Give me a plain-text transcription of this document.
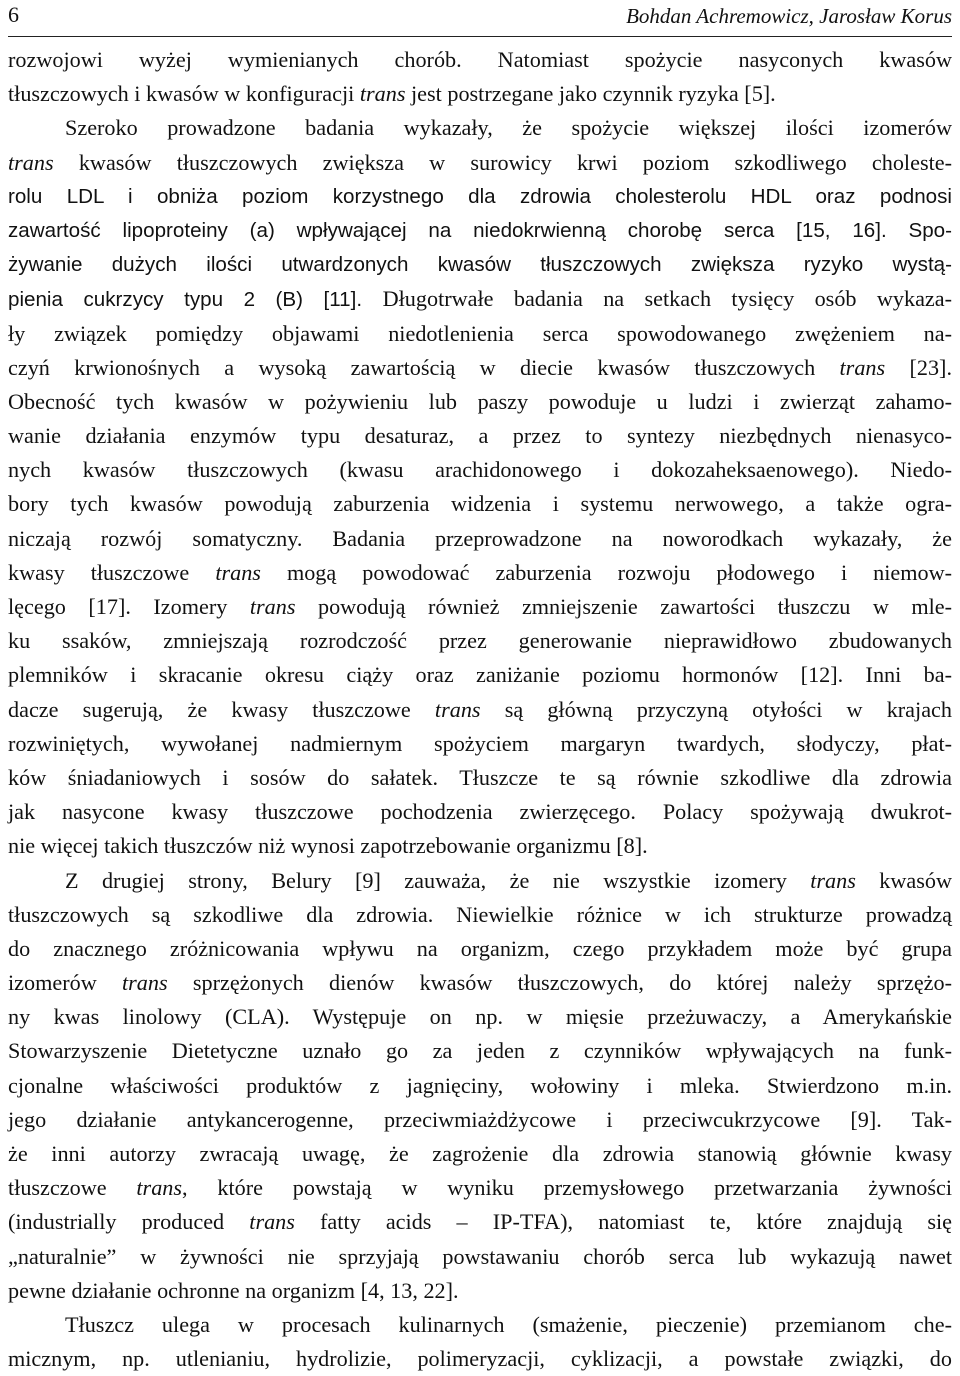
6	Bohdan Achremowicz, Jarosław Korus
rozwojowi wyżej wymienianych chorób. Natomiast spożycie nasyconych kwasów
tłuszczowych i kwasów w konfiguracji trans jest postrzegane jako czynnik ryzyka [5].
Szeroko prowadzone badania wykazały, że spożycie większej ilości izomerów
trans kwasów tłuszczowych zwiększa w surowicy krwi poziom szkodliwego choleste-
rolu LDL i obniża poziom korzystnego dla zdrowia cholesterolu HDL oraz podnosi
zawartość lipoproteiny (a) wpływającej na niedokrwienną chorobę serca [15, 16]. Spo-
żywanie dużych ilości utwardzonych kwasów tłuszczowych zwiększa ryzyko wystą-
pienia cukrzycy typu 2 (B) [11]. Długotrwałe badania na setkach tysięcy osób wykaza-
ły związek pomiędzy objawami niedotlenienia serca spowodowanego zwężeniem na-
czyń krwionośnych a wysoką zawartością w diecie kwasów tłuszczowych trans [23].
Obecność tych kwasów w pożywieniu lub paszy powoduje u ludzi i zwierząt zahamo-
wanie działania enzymów typu desaturaz, a przez to syntezy niezbędnych nienasyco-
nych kwasów tłuszczowych (kwasu arachidonowego i dokozaheksaenowego). Niedo-
bory tych kwasów powodują zaburzenia widzenia i systemu nerwowego, a także ogra-
niczają rozwój somatyczny. Badania przeprowadzone na noworodkach wykazały, że
kwasy tłuszczowe trans mogą powodować zaburzenia rozwoju płodowego i niemow-
lęcego [17]. Izomery trans powodują również zmniejszenie zawartości tłuszczu w mle-
ku ssaków, zmniejszają rozrodczość przez generowanie nieprawidłowo zbudowanych
plemników i skracanie okresu ciąży oraz zaniżanie poziomu hormonów [12]. Inni ba-
dacze sugerują, że kwasy tłuszczowe trans są główną przyczyną otyłości w krajach
rozwiniętych, wywołanej nadmiernym spożyciem margaryn twardych, słodyczy, płat-
ków śniadaniowych i sosów do sałatek. Tłuszcze te są równie szkodliwe dla zdrowia
jak nasycone kwasy tłuszczowe pochodzenia zwierzęcego. Polacy spożywają dwukrot-
nie więcej takich tłuszczów niż wynosi zapotrzebowanie organizmu [8].
Z drugiej strony, Belury [9] zauważa, że nie wszystkie izomery trans kwasów
tłuszczowych są szkodliwe dla zdrowia. Niewielkie różnice w ich strukturze prowadzą
do znacznego zróżnicowania wpływu na organizm, czego przykładem może być grupa
izomerów trans sprzężonych dienów kwasów tłuszczowych, do której należy sprzężo-
ny kwas linolowy (CLA). Występuje on np. w mięsie przeżuwaczy, a Amerykańskie
Stowarzyszenie Dietetyczne uznało go za jeden z czynników wpływających na funk-
cjonalne właściwości produktów z jagnięciny, wołowiny i mleka. Stwierdzono m.in.
jego działanie antykancerogenne, przeciwmiażdżycowe i przeciwcukrzycowe [9]. Tak-
że inni autorzy zwracają uwagę, że zagrożenie dla zdrowia stanowią głównie kwasy
tłuszczowe trans, które powstają w wyniku przemysłowego przetwarzania żywności
(industrially produced trans fatty acids – IP-TFA), natomiast te, które znajdują się
„naturalnie” w żywności nie sprzyjają powstawaniu chorób serca lub wykazują nawet
pewne działanie ochronne na organizm [4, 13, 22].
Tłuszcz ulega w procesach kulinarnych (smażenie, pieczenie) przemianom che-
micznym, np. utlenianiu, hydrolizie, polimeryzacji, cyklizacji, a powstałe związki, do
